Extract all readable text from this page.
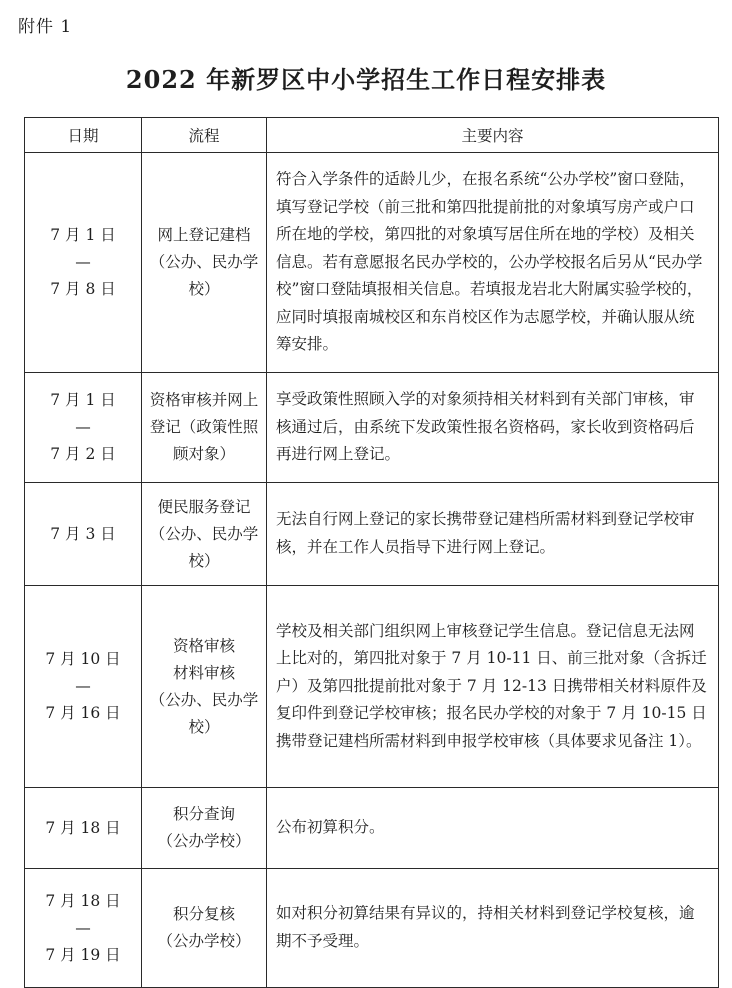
附件 1
2022 年新罗区中小学招生工作日程安排表
日期	流程	主要内容

7 月 1 日
—
7 月 8 日	网上登记建档
（公办、民办学
校）	符合入学条件的适龄儿少，在报名系统“公办学校”窗口登陆，填写登记学校（前三批和第四批提前批的对象填写房产或户口所在地的学校，第四批的对象填写居住所在地的学校）及相关信息。若有意愿报名民办学校的，公办学校报名后另从“民办学校”窗口登陆填报相关信息。若填报龙岩北大附属实验学校的，应同时填报南城校区和东肖校区作为志愿学校，并确认服从统筹安排。

7 月 1 日
—
7 月 2 日	资格审核并网上
登记（政策性照
顾对象）	享受政策性照顾入学的对象须持相关材料到有关部门审核，审核通过后，由系统下发政策性报名资格码，家长收到资格码后再进行网上登记。

7 月 3 日	便民服务登记
（公办、民办学
校）	无法自行网上登记的家长携带登记建档所需材料到登记学校审核，并在工作人员指导下进行网上登记。

7 月 10 日
—
7 月 16 日	资格审核
材料审核
（公办、民办学
校）	学校及相关部门组织网上审核登记学生信息。登记信息无法网上比对的，第四批对象于 7 月 10-11 日、前三批对象（含拆迁户）及第四批提前批对象于 7 月 12-13 日携带相关材料原件及复印件到登记学校审核；报名民办学校的对象于 7 月 10-15 日携带登记建档所需材料到申报学校审核（具体要求见备注 1）。

7 月 18 日	积分查询
（公办学校）	公布初算积分。

7 月 18 日
—
7 月 19 日	积分复核
（公办学校）	如对积分初算结果有异议的，持相关材料到登记学校复核，逾期不予受理。
